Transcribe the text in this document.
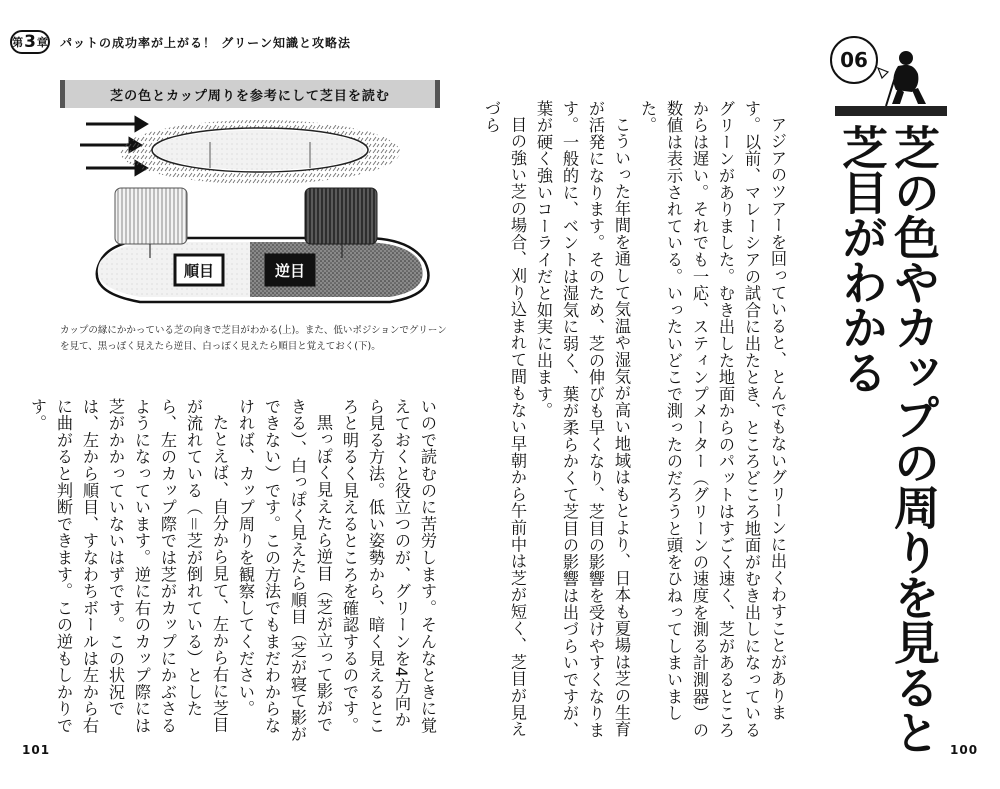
第 3 章 パットの成功率が上がる！ グリーン知識と攻略法
芝の色とカップ周りを参考にして芝目を読む
順目	逆目
カップの縁にかかっている芝の向きで芝目がわかる(上)。また、低いポジションでグリーンを見て、黒っぽく見えたら逆目、白っぽく見えたら順目と覚えておく(下)。

いので読むのに苦労します。そんなときに覚えておくと役立つのが、グリーンを4方向から見る方法。低い姿勢から、暗く見えるところと明るく見えるところを確認するのです。

黒っぽく見えたら逆目（芝が立って影ができる）、白っぽく見えたら順目（芝が寝て影ができない）です。この方法でもまだわからなければ、カップ周りを観察してください。

たとえば、自分から見て、左から右に芝目が流れている（＝芝が倒れている）としたら、左のカップ際では芝がカップにかぶさるようになっています。逆に右のカップ際には芝がかかっていないはずです。この状況では、左から順目、すなわちボールは左から右に曲がると判断できます。この逆もしかりです。	アジアのツアーを回っていると、とんでもないグリーンに出くわすことがあります。以前、マレーシアの試合に出たとき、ところどころ地面がむき出しになっているグリーンがありました。むき出した地面からのパットはすごく速く、芝があるところからは遅い。それでも一応、スティンプメーター（グリーンの速度を測る計測器）の数値は表示されている。いったいどこで測ったのだろうと頭をひねってしまいました。

こういった年間を通して気温や湿気が高い地域はもとより、日本も夏場は芝の生育が活発になります。そのため、芝の伸びも早くなり、芝目の影響を受けやすくなります。一般的に、ベントは湿気に弱く、葉が柔らかくて芝目の影響は出づらいですが、葉が硬く強いコーライだと如実に出ます。

目の強い芝の場合、刈り込まれて間もない早朝から午前中は芝が短く、芝目が見えづら

06
芝の色やカップの周りを見ると
芝目がわかる
101	100
